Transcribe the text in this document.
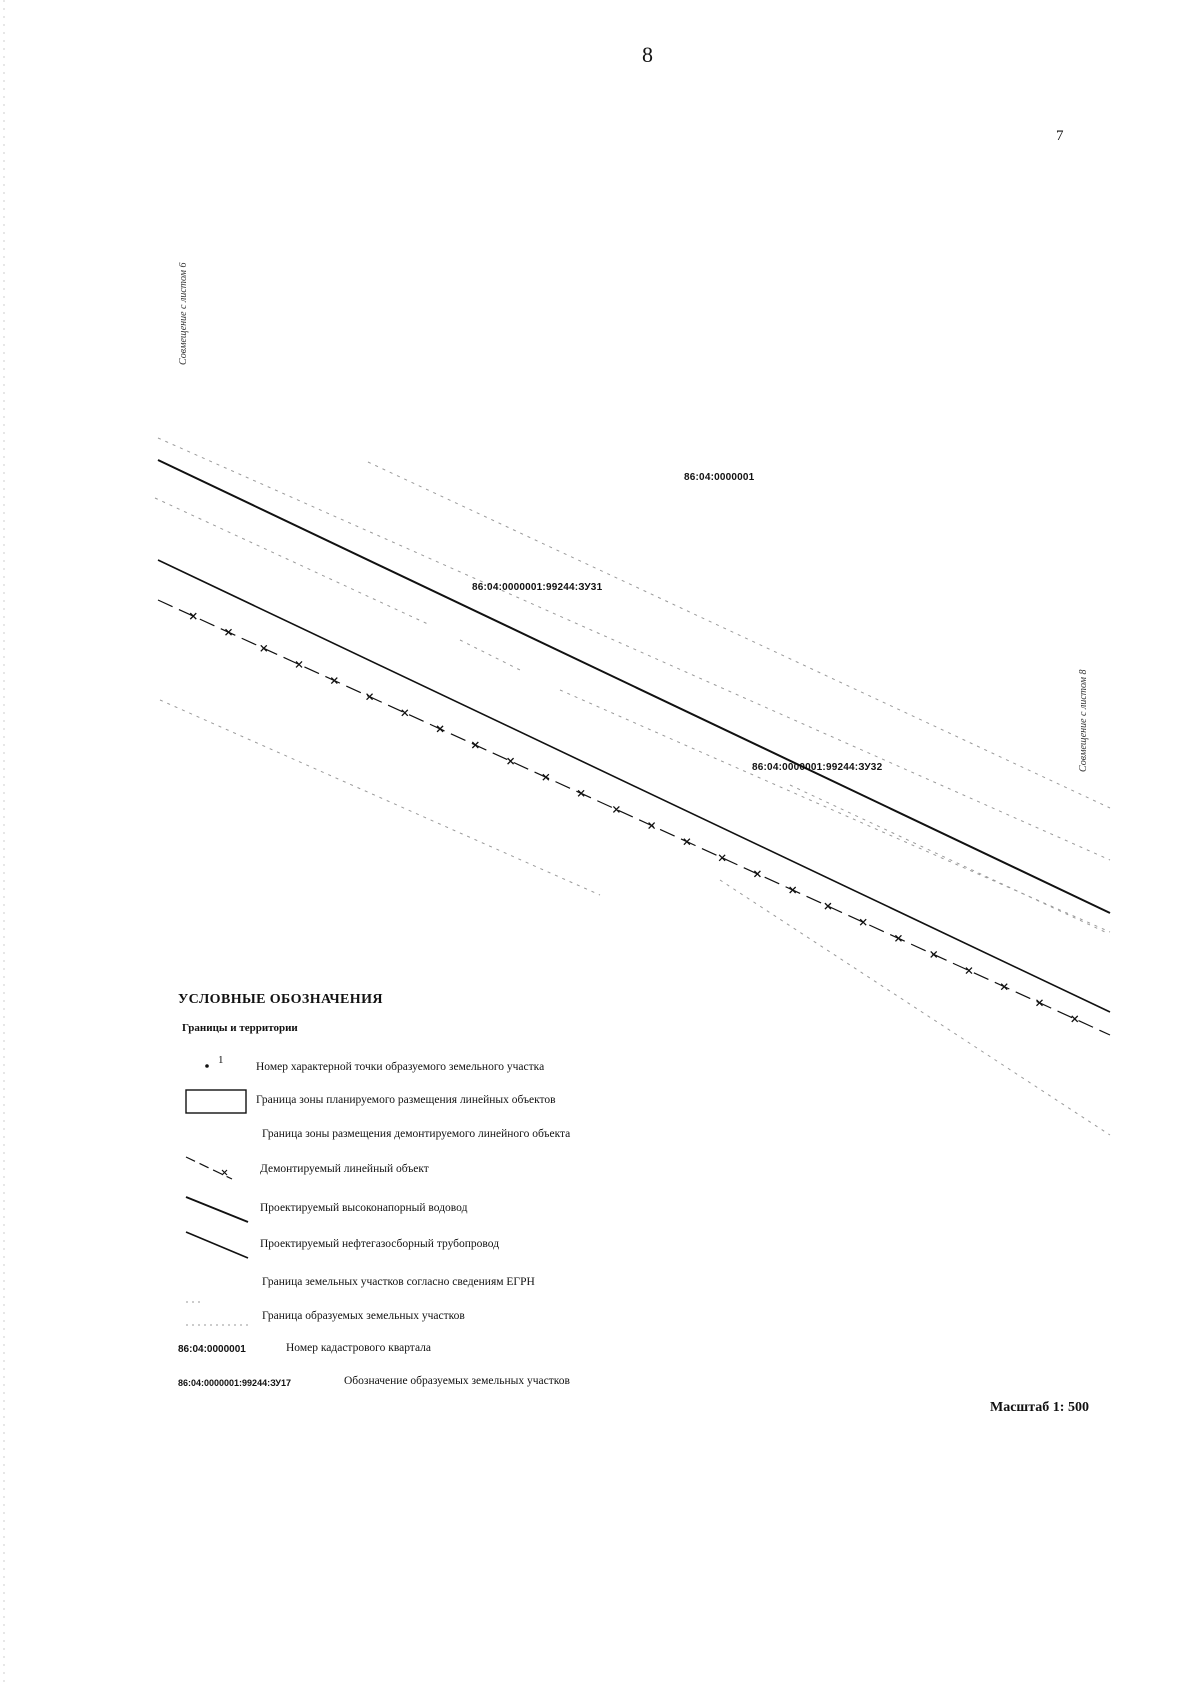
8
7
Совмещение с листом 6
Совмещение с листом 8
86:04:0000001
86:04:0000001:99244:ЗУ31
86:04:0000001:99244:ЗУ32
УСЛОВНЫЕ ОБОЗНАЧЕНИЯ
Границы и территории
1
Номер характерной точки образуемого земельного участка
Граница зоны планируемого размещения линейных объектов
Граница зоны размещения демонтируемого линейного объекта
Демонтируемый линейный объект
Проектируемый высоконапорный водовод
Проектируемый нефтегазосборный трубопровод
Граница земельных участков согласно сведениям ЕГРН
Граница образуемых земельных участков
86:04:0000001	Номер кадастрового квартала
86:04:0000001:99244:ЗУ17	Обозначение образуемых земельных участков
Масштаб 1: 500
